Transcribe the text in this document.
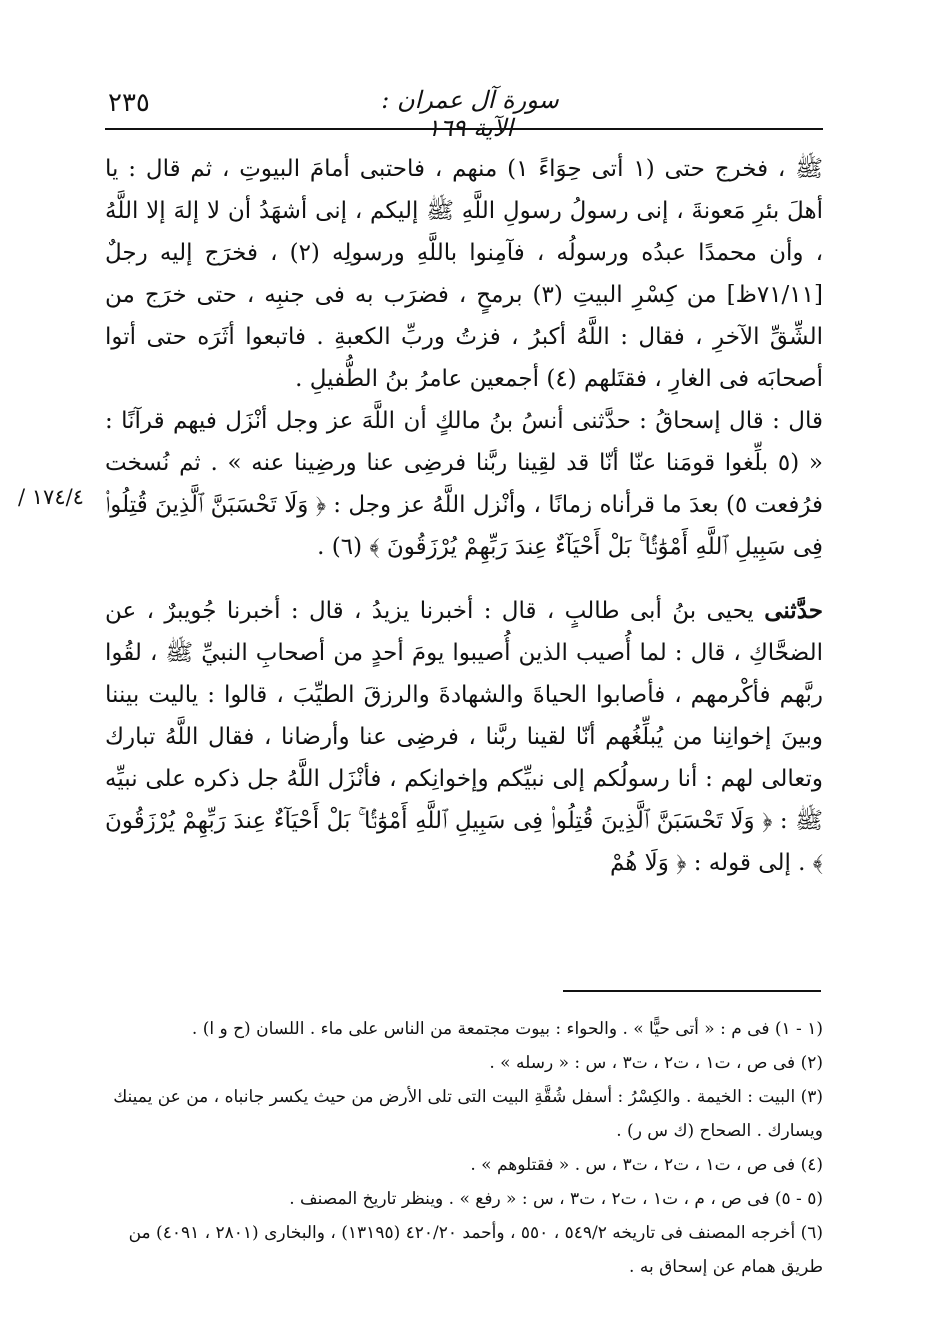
٢٣٥	سورة آل عمران : الآية ١٦٩
١٧٤/٤ /

ﷺ ، فخرج حتى (١ أتى حِوَاءً ١) منهم ، فاحتبى أمامَ البيوتِ ، ثم قال : يا أهلَ بئرِ مَعونةَ ، إنى رسولُ رسولِ اللَّهِ ﷺ إليكم ، إنى أشهَدُ أن لا إلهَ إلا اللَّهُ ، وأن محمدًا عبدُه ورسولُه ، فآمِنوا باللَّهِ ورسولِه (٢) ، فخرَج إليه رجلٌ [٧١/١١ظ] من كِسْرِ البيتِ (٣) برمحٍ ، فضرَب به فى جنبِه ، حتى خرَج من الشِّقِّ الآخرِ ، فقال : اللَّهُ أكبرُ ، فزتُ وربِّ الكعبةِ . فاتبعوا أثَرَه حتى أتوا أصحابَه فى الغارِ ، فقتَلهم (٤) أجمعين عامرُ بنُ الطُّفيلِ .

قال : قال إسحاقُ : حدَّثنى أنسُ بنُ مالكٍ أن اللَّهَ عز وجل أنْزَل فيهم قرآنًا : « (٥ بلِّغوا قومَنا عنّا أنّا قد لقِينا ربَّنا فرضِى عنا ورضِينا عنه » . ثم نُسخت فرُفعت ٥) بعدَ ما قرأناه زمانًا ، وأنْزل اللَّهُ عز وجل : ﴿ وَلَا تَحْسَبَنَّ ٱلَّذِينَ قُتِلُوا۟ فِى سَبِيلِ ٱللَّهِ أَمْوَٰتًۢا ۚ بَلْ أَحْيَآءٌ عِندَ رَبِّهِمْ يُرْزَقُونَ ﴾ (٦) .

حدَّثنى يحيى بنُ أبى طالبٍ ، قال : أخبرنا يزيدُ ، قال : أخبرنا جُويبرٌ ، عن الضحَّاكِ ، قال : لما أُصيب الذين أُصيبوا يومَ أحدٍ من أصحابِ النبيِّ ﷺ ، لقُوا ربَّهم فأكْرمهم ، فأصابوا الحياةَ والشهادةَ والرزقَ الطيِّبَ ، قالوا : ياليت بيننا وبينَ إخوانِنا من يُبلِّغُهم أنّا لقينا ربَّنا ، فرضِى عنا وأرضانا ، فقال اللَّهُ تبارك وتعالى لهم : أنا رسولُكم إلى نبيِّكم وإخوانِكم ، فأنْزَل اللَّهُ جل ذكره على نبيِّه ﷺ : ﴿ وَلَا تَحْسَبَنَّ ٱلَّذِينَ قُتِلُوا۟ فِى سَبِيلِ ٱللَّهِ أَمْوَٰتًۢا ۚ بَلْ أَحْيَآءٌ عِندَ رَبِّهِمْ يُرْزَقُونَ ﴾ . إلى قوله : ﴿ وَلَا هُمْ

(١ - ١) فى م : « أتى حيًّا » . والحواء : بيوت مجتمعة من الناس على ماء . اللسان (ح و ا) .

(٢) فى ص ، ت١ ، ت٢ ، ت٣ ، س : « رسله » .

(٣) البيت : الخيمة . والكِسْرُ : أسفل شُقَّةِ البيت التى تلى الأرض من حيث يكسر جانباه ، من عن يمينك ويسارك . الصحاح (ك س ر) .

(٤) فى ص ، ت١ ، ت٢ ، ت٣ ، س . « فقتلوهم » .

(٥ - ٥) فى ص ، م ، ت١ ، ت٢ ، ت٣ ، س : « رفع » . وينظر تاريخ المصنف .

(٦) أخرجه المصنف فى تاريخه ٥٤٩/٢ ، ٥٥٠ ، وأحمد ٤٢٠/٢٠ (١٣١٩٥) ، والبخارى (٢٨٠١ ، ٤٠٩١) من طريق همام عن إسحاق به .
